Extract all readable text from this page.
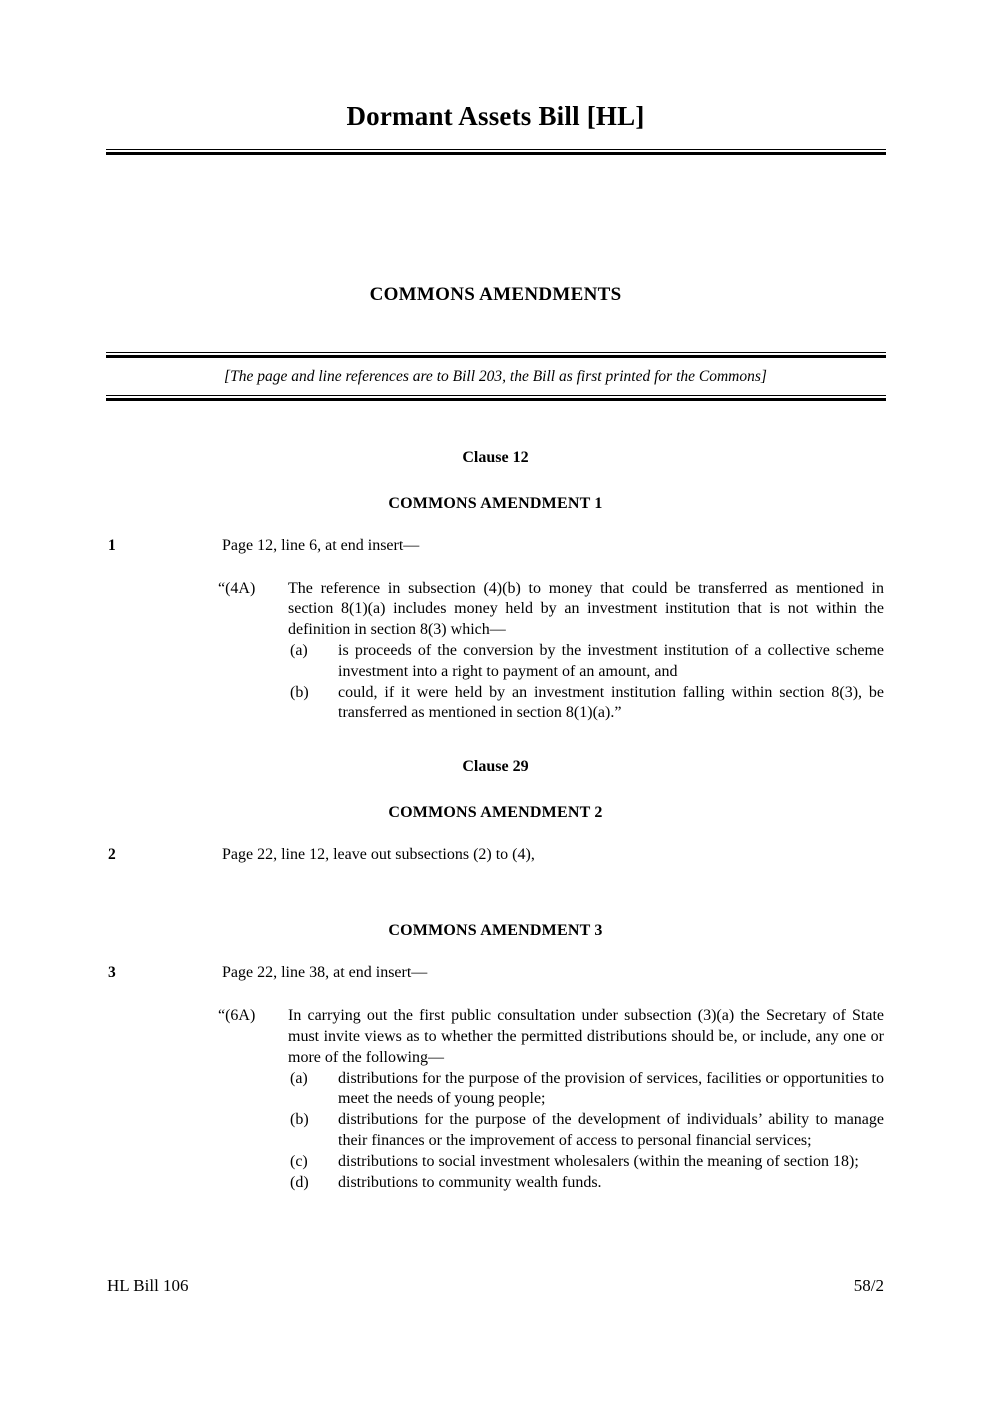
Dormant Assets Bill [HL]
COMMONS AMENDMENTS

[The page and line references are to Bill 203, the Bill as first printed for the Commons]

Clause 12
COMMONS AMENDMENT 1
1	Page 12, line 6, at end insert—

“(4A) The reference in subsection (4)(b) to money that could be transferred as mentioned in section 8(1)(a) includes money held by an investment institution that is not within the definition in section 8(3) which—
(a) is proceeds of the conversion by the investment institution of a collective scheme investment into a right to payment of an amount, and
(b) could, if it were held by an investment institution falling within section 8(3), be transferred as mentioned in section 8(1)(a).”
Clause 29
COMMONS AMENDMENT 2
2	Page 22, line 12, leave out subsections (2) to (4),

COMMONS AMENDMENT 3
3	Page 22, line 38, at end insert—

“(6A) In carrying out the first public consultation under subsection (3)(a) the Secretary of State must invite views as to whether the permitted distributions should be, or include, any one or more of the following—
(a) distributions for the purpose of the provision of services, facilities or opportunities to meet the needs of young people;
(b) distributions for the purpose of the development of individuals’ ability to manage their finances or the improvement of access to personal financial services;
(c) distributions to social investment wholesalers (within the meaning of section 18);
(d) distributions to community wealth funds.
HL Bill 106	58/2
